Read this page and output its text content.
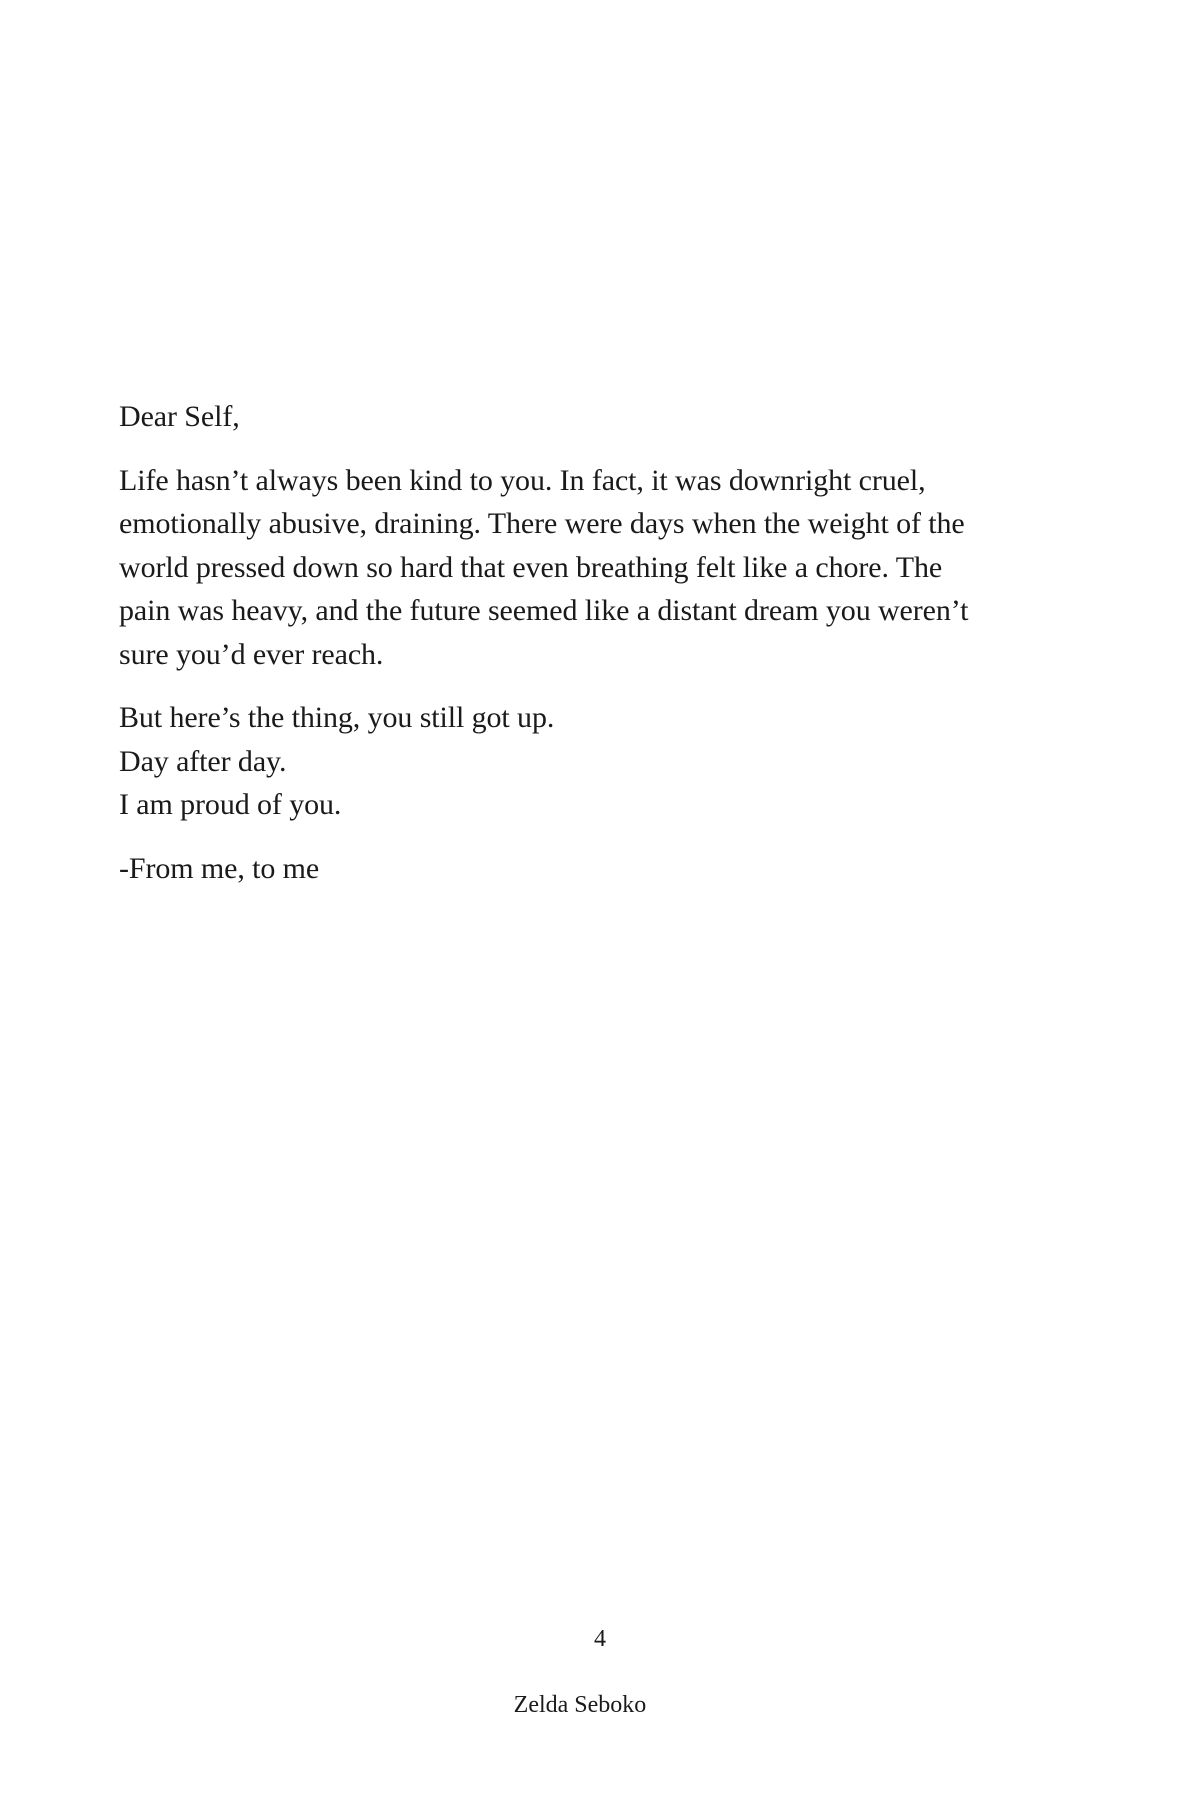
Dear Self,

Life hasn’t always been kind to you. In fact, it was downright cruel,
emotionally abusive, draining. There were days when the weight of the
world pressed down so hard that even breathing felt like a chore. The
pain was heavy, and the future seemed like a distant dream you weren’t
sure you’d ever reach.

But here’s the thing, you still got up.
Day after day.
I am proud of you.

-From me, to me

4
Zelda Seboko
